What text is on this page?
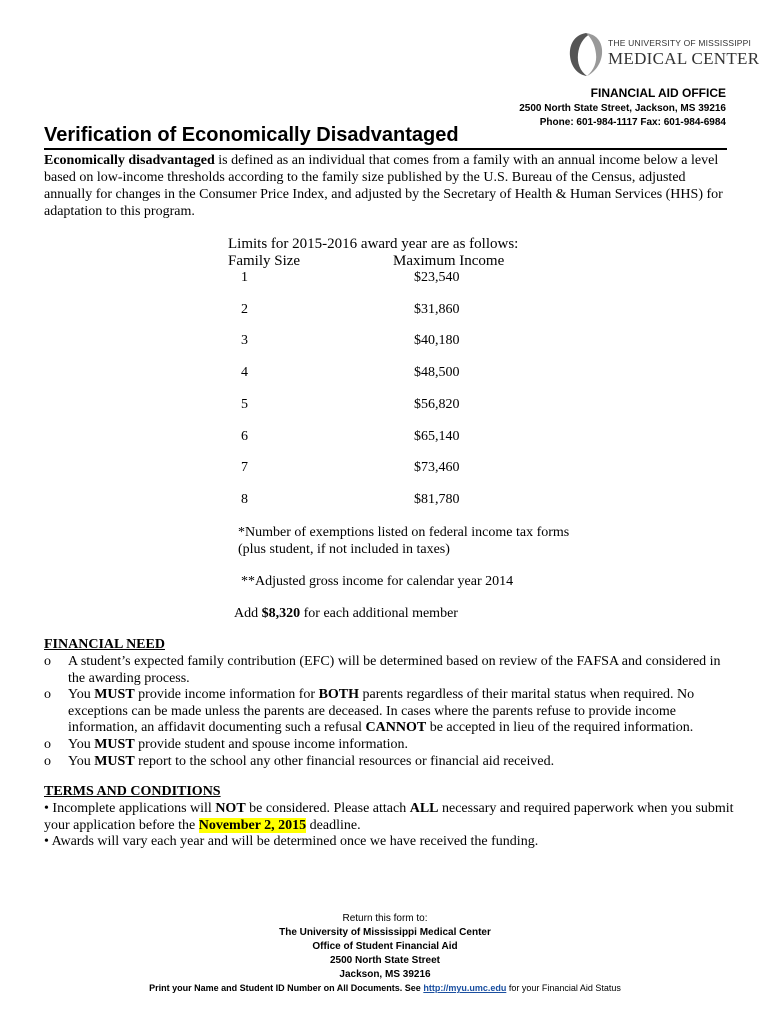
THE UNIVERSITY OF MISSISSIPPI
MEDICAL CENTER
FINANCIAL AID OFFICE
2500 North State Street, Jackson, MS 39216
Phone: 601-984-1117 Fax: 601-984-6984
Verification of Economically Disadvantaged
Economically disadvantaged is defined as an individual that comes from a family with an annual income below a level based on low-income thresholds according to the family size published by the U.S. Bureau of the Census, adjusted annually for changes in the Consumer Price Index, and adjusted by the Secretary of Health & Human Services (HHS) for adaptation to this program.
Limits for 2015-2016 award year are as follows:
Family Size	Maximum Income
1	$23,540
2	$31,860
3	$40,180
4	$48,500
5	$56,820
6	$65,140
7	$73,460
8	$81,780
*Number of exemptions listed on federal income tax forms
(plus student, if not included in taxes)
**Adjusted gross income for calendar year 2014
Add $8,320 for each additional member
FINANCIAL NEED
o A student’s expected family contribution (EFC) will be determined based on review of the FAFSA and considered in the awarding process.
o You MUST provide income information for BOTH parents regardless of their marital status when required. No exceptions can be made unless the parents are deceased. In cases where the parents refuse to provide income information, an affidavit documenting such a refusal CANNOT be accepted in lieu of the required information.
o You MUST provide student and spouse income information.
o You MUST report to the school any other financial resources or financial aid received.
TERMS AND CONDITIONS
• Incomplete applications will NOT be considered. Please attach ALL necessary and required paperwork when you submit your application before the November 2, 2015 deadline.
• Awards will vary each year and will be determined once we have received the funding.
Return this form to:
The University of Mississippi Medical Center
Office of Student Financial Aid
2500 North State Street
Jackson, MS 39216
Print your Name and Student ID Number on All Documents. See http://myu.umc.edu for your Financial Aid Status
